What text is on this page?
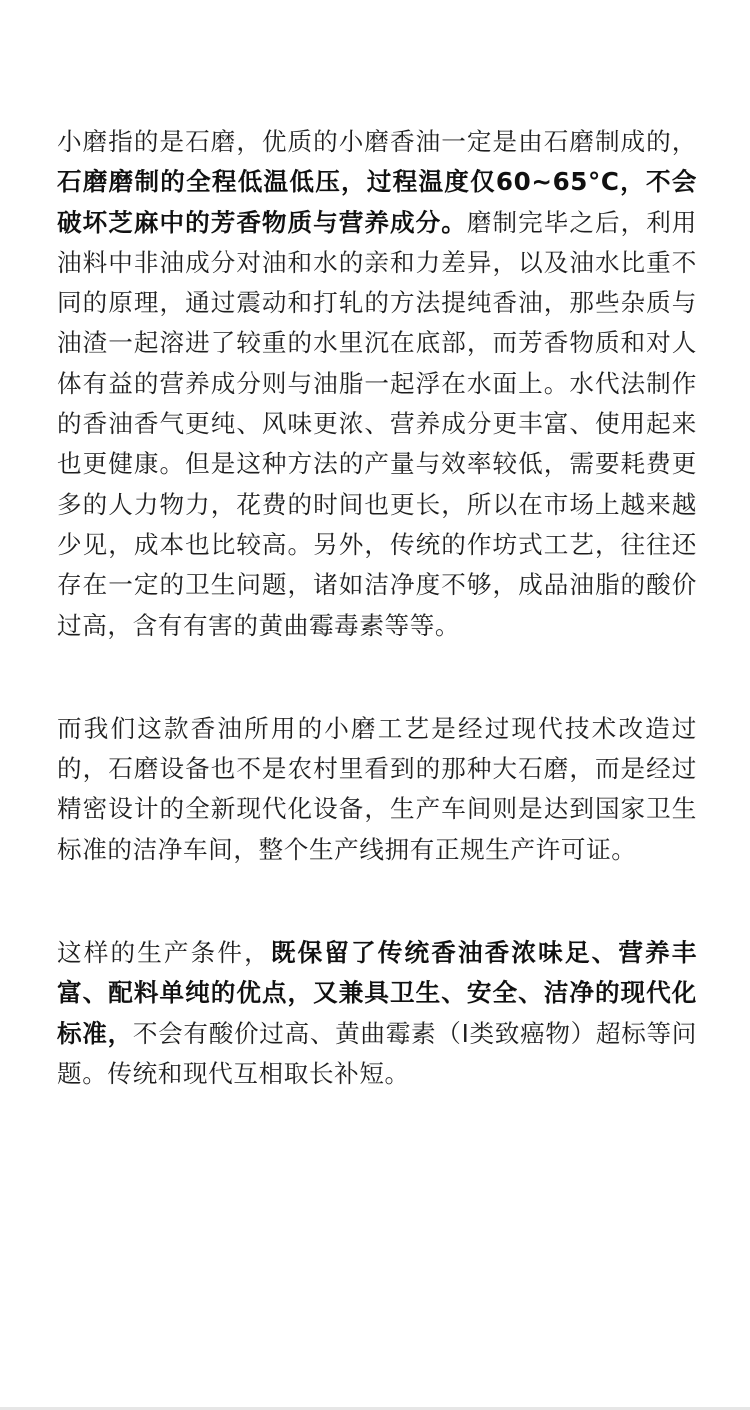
小磨指的是石磨，优质的小磨香油一定是由石磨制成的，石磨磨制的全程低温低压，过程温度仅60~65°C，不会破坏芝麻中的芳香物质与营养成分。磨制完毕之后，利用油料中非油成分对油和水的亲和力差异，以及油水比重不同的原理，通过震动和打轧的方法提纯香油，那些杂质与油渣一起溶进了较重的水里沉在底部，而芳香物质和对人体有益的营养成分则与油脂一起浮在水面上。水代法制作的香油香气更纯、风味更浓、营养成分更丰富、使用起来也更健康。但是这种方法的产量与效率较低，需要耗费更多的人力物力，花费的时间也更长，所以在市场上越来越少见，成本也比较高。另外，传统的作坊式工艺，往往还存在一定的卫生问题，诸如洁净度不够，成品油脂的酸价过高，含有有害的黄曲霉毒素等等。

而我们这款香油所用的小磨工艺是经过现代技术改造过的，石磨设备也不是农村里看到的那种大石磨，而是经过精密设计的全新现代化设备，生产车间则是达到国家卫生标准的洁净车间，整个生产线拥有正规生产许可证。

这样的生产条件，既保留了传统香油香浓味足、营养丰富、配料单纯的优点，又兼具卫生、安全、洁净的现代化标准，不会有酸价过高、黄曲霉素（I类致癌物）超标等问题。传统和现代互相取长补短。
